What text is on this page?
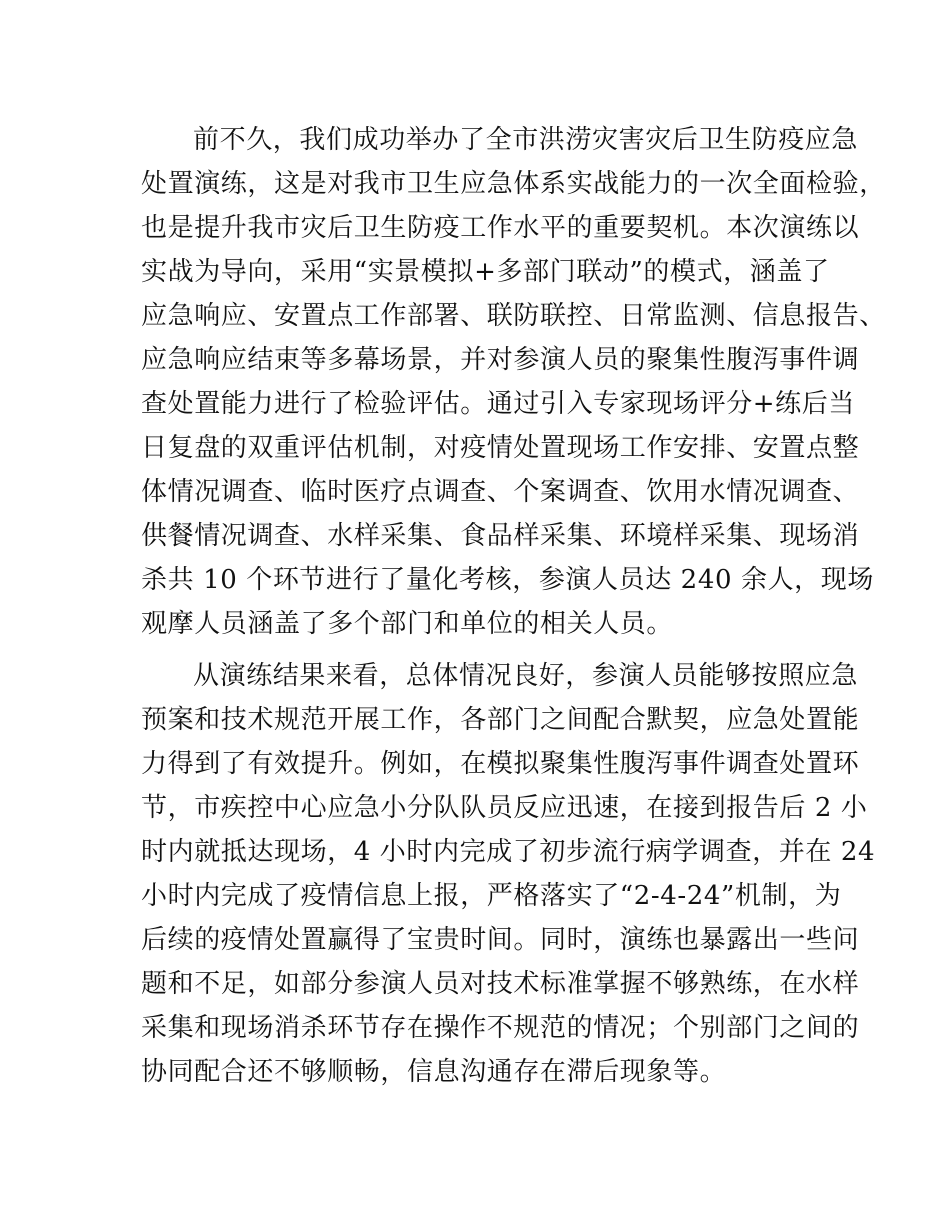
前不久，我们成功举办了全市洪涝灾害灾后卫生防疫应急
处置演练，这是对我市卫生应急体系实战能力的一次全面检验，
也是提升我市灾后卫生防疫工作水平的重要契机。本次演练以
实战为导向，采用“实景模拟+多部门联动”的模式，涵盖了
应急响应、安置点工作部署、联防联控、日常监测、信息报告、
应急响应结束等多幕场景，并对参演人员的聚集性腹泻事件调
查处置能力进行了检验评估。通过引入专家现场评分+练后当
日复盘的双重评估机制，对疫情处置现场工作安排、安置点整
体情况调查、临时医疗点调查、个案调查、饮用水情况调查、
供餐情况调查、水样采集、食品样采集、环境样采集、现场消
杀共 10 个环节进行了量化考核，参演人员达 240 余人，现场
观摩人员涵盖了多个部门和单位的相关人员。
从演练结果来看，总体情况良好，参演人员能够按照应急
预案和技术规范开展工作，各部门之间配合默契，应急处置能
力得到了有效提升。例如，在模拟聚集性腹泻事件调查处置环
节，市疾控中心应急小分队队员反应迅速，在接到报告后 2 小
时内就抵达现场，4 小时内完成了初步流行病学调查，并在 24
小时内完成了疫情信息上报，严格落实了“2-4-24”机制，为
后续的疫情处置赢得了宝贵时间。同时，演练也暴露出一些问
题和不足，如部分参演人员对技术标准掌握不够熟练，在水样
采集和现场消杀环节存在操作不规范的情况；个别部门之间的
协同配合还不够顺畅，信息沟通存在滞后现象等。
